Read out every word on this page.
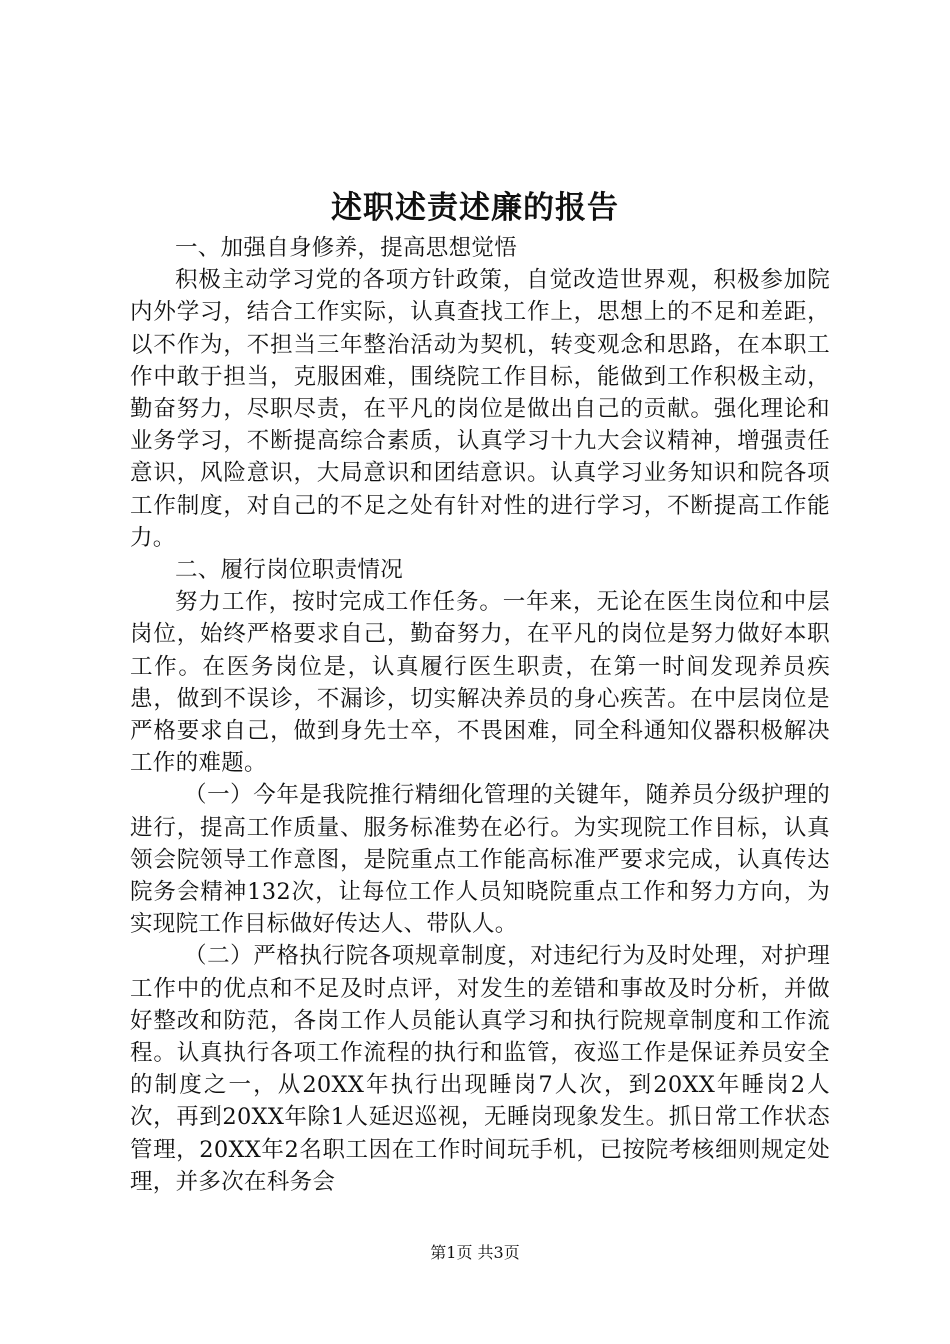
述职述责述廉的报告

一、加强自身修养，提高思想觉悟

积极主动学习党的各项方针政策，自觉改造世界观，积极参加院内外学习，结合工作实际，认真查找工作上，思想上的不足和差距，以不作为，不担当三年整治活动为契机，转变观念和思路，在本职工作中敢于担当，克服困难，围绕院工作目标，能做到工作积极主动，勤奋努力，尽职尽责，在平凡的岗位是做出自己的贡献。强化理论和业务学习，不断提高综合素质，认真学习十九大会议精神，增强责任意识，风险意识，大局意识和团结意识。认真学习业务知识和院各项工作制度，对自己的不足之处有针对性的进行学习，不断提高工作能力。

二、履行岗位职责情况

努力工作，按时完成工作任务。一年来，无论在医生岗位和中层岗位，始终严格要求自己，勤奋努力，在平凡的岗位是努力做好本职工作。在医务岗位是，认真履行医生职责，在第一时间发现养员疾患，做到不误诊，不漏诊，切实解决养员的身心疾苦。在中层岗位是严格要求自己，做到身先士卒，不畏困难，同全科通知仪器积极解决工作的难题。

（一）今年是我院推行精细化管理的关键年，随养员分级护理的进行，提高工作质量、服务标准势在必行。为实现院工作目标，认真领会院领导工作意图，是院重点工作能高标准严要求完成，认真传达院务会精神132次，让每位工作人员知晓院重点工作和努力方向，为实现院工作目标做好传达人、带队人。

（二）严格执行院各项规章制度，对违纪行为及时处理，对护理工作中的优点和不足及时点评，对发生的差错和事故及时分析，并做好整改和防范，各岗工作人员能认真学习和执行院规章制度和工作流程。认真执行各项工作流程的执行和监管，夜巡工作是保证养员安全的制度之一，从20XX年执行出现睡岗7人次，到20XX年睡岗2人次，再到20XX年除1人延迟巡视，无睡岗现象发生。抓日常工作状态管理，20XX年2名职工因在工作时间玩手机，已按院考核细则规定处理，并多次在科务会

第1页 共3页
